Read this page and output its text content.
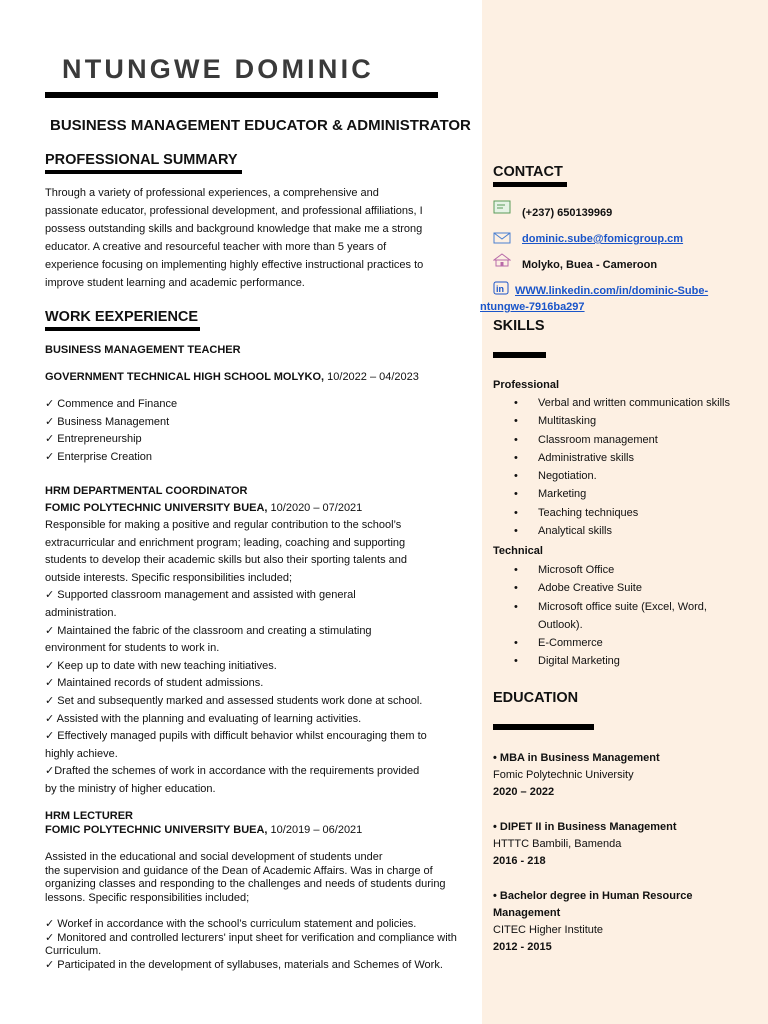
NTUNGWE DOMINIC
BUSINESS MANAGEMENT EDUCATOR & ADMINISTRATOR
PROFESSIONAL SUMMARY
Through a variety of professional experiences, a comprehensive and
passionate educator, professional development, and professional affiliations, I
possess outstanding skills and background knowledge that make me a strong
educator. A creative and resourceful teacher with more than 5 years of
experience focusing on implementing highly effective instructional practices to
improve student learning and academic performance.
WORK EEXPERIENCE
BUSINESS MANAGEMENT TEACHER
GOVERNMENT TECHNICAL HIGH SCHOOL MOLYKO, 10/2022 – 04/2023
✓ Commence and Finance
✓ Business Management
✓ Entrepreneurship
✓ Enterprise Creation
HRM DEPARTMENTAL COORDINATOR
FOMIC POLYTECHNIC UNIVERSITY BUEA, 10/2020 – 07/2021
Responsible for making a positive and regular contribution to the school’s
extracurricular and enrichment program; leading, coaching and supporting
students to develop their academic skills but also their sporting talents and
outside interests. Specific responsibilities included;
✓ Supported classroom management and assisted with general
administration.
✓ Maintained the fabric of the classroom and creating a stimulating
environment for students to work in.
✓ Keep up to date with new teaching initiatives.
✓ Maintained records of student admissions.
✓ Set and subsequently marked and assessed students work done at school.
✓ Assisted with the planning and evaluating of learning activities.
✓ Effectively managed pupils with difficult behavior whilst encouraging them to
highly achieve.
✓Drafted the schemes of work in accordance with the requirements provided
by the ministry of higher education.
HRM LECTURER
FOMIC POLYTECHNIC UNIVERSITY BUEA, 10/2019 – 06/2021
Assisted in the educational and social development of students under
the supervision and guidance of the Dean of Academic Affairs. Was in charge of
organizing classes and responding to the challenges and needs of students during
lessons. Specific responsibilities included;
✓ Workef in accordance with the school’s curriculum statement and policies.
✓ Monitored and controlled lecturers' input sheet for verification and compliance with
Curriculum.
✓ Participated in the development of syllabuses, materials and Schemes of Work.
CONTACT
(+237) 650139969
dominic.sube@fomicgroup.cm
Molyko, Buea - Cameroon
in WWW.linkedin.com/in/dominic-Sube-
ntungwe-7916ba297
SKILLS
Professional
• Verbal and written communication skills
• Multitasking
• Classroom management
• Administrative skills
• Negotiation.
• Marketing
• Teaching techniques
• Analytical skills
Technical
• Microsoft Office
• Adobe Creative Suite
• Microsoft office suite (Excel, Word, Outlook).
• E-Commerce
• Digital Marketing
EDUCATION
• MBA in Business Management
Fomic Polytechnic University
2020 – 2022
• DIPET II in Business Management
HTTTC Bambili, Bamenda
2016 - 218
• Bachelor degree in Human Resource
Management
CITEC Higher Institute
2012 - 2015
